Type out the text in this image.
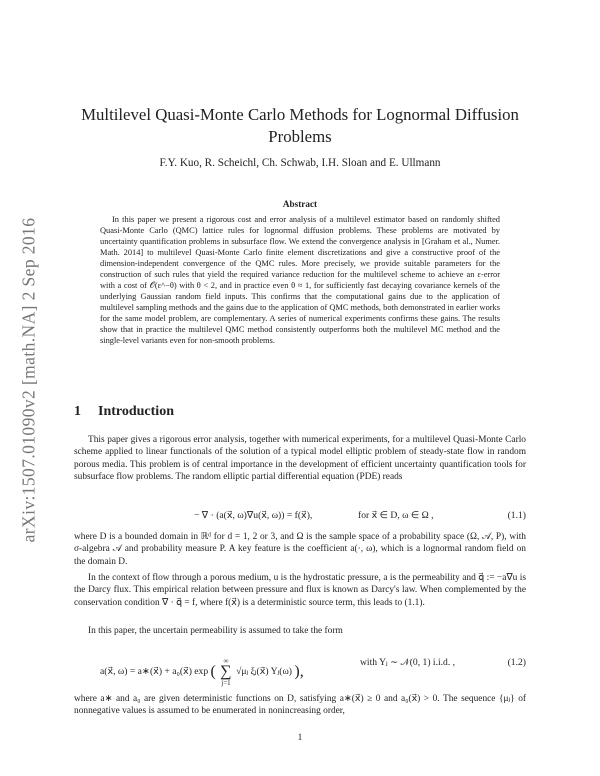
arXiv:1507.01090v2 [math.NA] 2 Sep 2016
Multilevel Quasi-Monte Carlo Methods for Lognormal Diffusion
Problems
F.Y. Kuo, R. Scheichl, Ch. Schwab, I.H. Sloan and E. Ullmann
Abstract

In this paper we present a rigorous cost and error analysis of a multilevel estimator based on randomly shifted Quasi-Monte Carlo (QMC) lattice rules for lognormal diffusion problems. These problems are motivated by uncertainty quantification problems in subsurface flow. We extend the convergence analysis in [Graham et al., Numer. Math. 2014] to multilevel Quasi-Monte Carlo finite element discretizations and give a constructive proof of the dimension-independent convergence of the QMC rules. More precisely, we provide suitable parameters for the construction of such rules that yield the required variance reduction for the multilevel scheme to achieve an ε-error with a cost of 𝒪(ε^−θ) with θ < 2, and in practice even θ ≈ 1, for sufficiently fast decaying covariance kernels of the underlying Gaussian random field inputs. This confirms that the computational gains due to the application of multilevel sampling methods and the gains due to the application of QMC methods, both demonstrated in earlier works for the same model problem, are complementary. A series of numerical experiments confirms these gains. The results show that in practice the multilevel QMC method consistently outperforms both the multilevel MC method and the single-level variants even for non-smooth problems.

1 Introduction

This paper gives a rigorous error analysis, together with numerical experiments, for a multilevel Quasi-Monte Carlo scheme applied to linear functionals of the solution of a typical model elliptic problem of steady-state flow in random porous media. This problem is of central importance in the development of efficient uncertainty quantification tools for subsurface flow problems. The random elliptic partial differential equation (PDE) reads

− ∇ · (a(x⃗, ω)∇u(x⃗, ω)) = f(x⃗),	for x⃗ ∈ D, ω ∈ Ω ,	(1.1)

where D is a bounded domain in ℝᵈ for d = 1, 2 or 3, and Ω is the sample space of a probability space (Ω, 𝒜, P), with σ-algebra 𝒜 and probability measure P. A key feature is the coefficient a(·, ω), which is a lognormal random field on the domain D.

In the context of flow through a porous medium, u is the hydrostatic pressure, a is the permeability and q⃗ := −a∇u is the Darcy flux. This empirical relation between pressure and flux is known as Darcy's law. When complemented by the conservation condition ∇ · q⃗ = f, where f(x⃗) is a deterministic source term, this leads to (1.1).

In this paper, the uncertain permeability is assumed to take the form

a(x⃗, ω) = a∗(x⃗) + a₀(x⃗) exp (
∞
∑
j=1
√μⱼ ξⱼ(x⃗) Yⱼ(ω) ),
with Yⱼ ∼ 𝒩(0, 1) i.i.d. ,	(1.2)

where a∗ and a₀ are given deterministic functions on D, satisfying a∗(x⃗) ≥ 0 and a₀(x⃗) > 0. The sequence {μⱼ} of nonnegative values is assumed to be enumerated in nonincreasing order,

1
